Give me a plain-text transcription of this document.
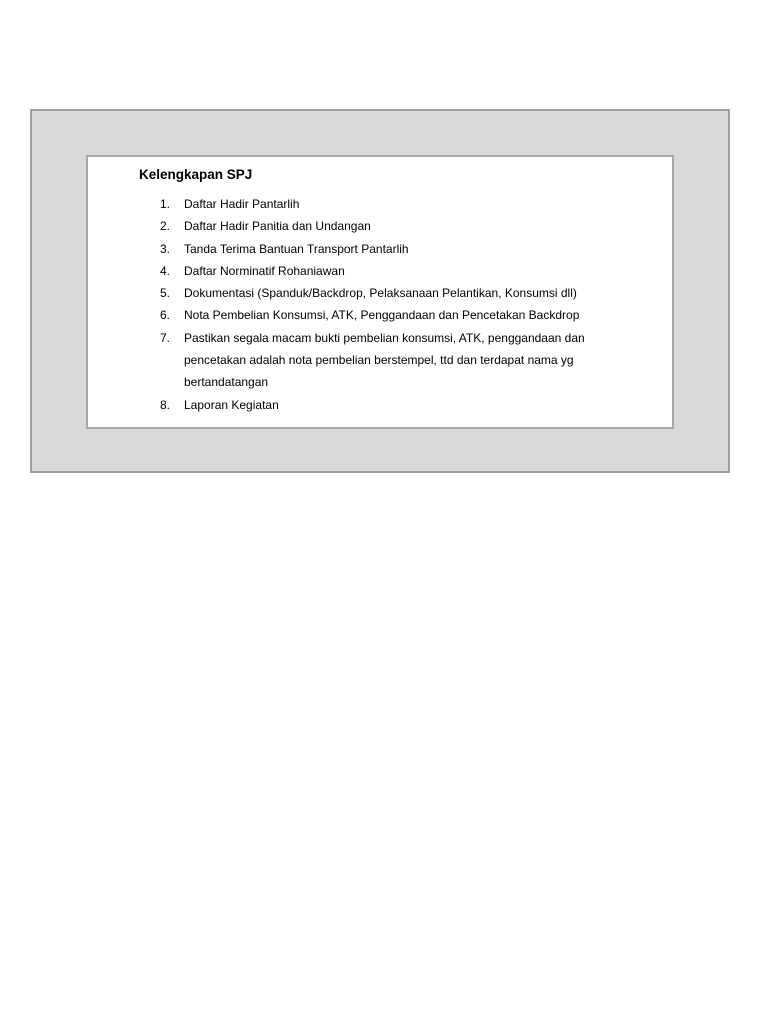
Kelengkapan SPJ
1. Daftar Hadir Pantarlih
2. Daftar Hadir Panitia dan Undangan
3. Tanda Terima Bantuan Transport Pantarlih
4. Daftar Norminatif Rohaniawan
5. Dokumentasi (Spanduk/Backdrop, Pelaksanaan Pelantikan, Konsumsi dll)
6. Nota Pembelian Konsumsi, ATK, Penggandaan dan Pencetakan Backdrop
7. Pastikan segala macam bukti pembelian konsumsi, ATK, penggandaan dan pencetakan adalah nota pembelian berstempel, ttd dan terdapat nama yg bertandatangan
8. Laporan Kegiatan
